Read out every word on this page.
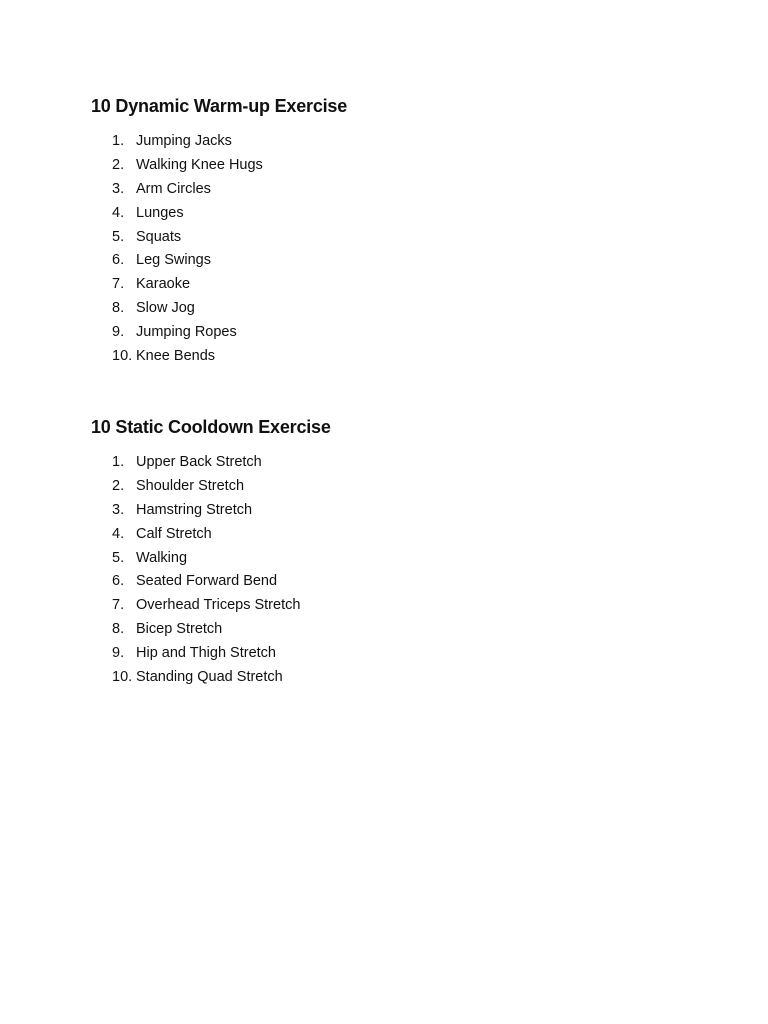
10 Dynamic Warm-up Exercise
1. Jumping Jacks
2. Walking Knee Hugs
3. Arm Circles
4. Lunges
5. Squats
6. Leg Swings
7. Karaoke
8. Slow Jog
9. Jumping Ropes
10. Knee Bends
10 Static Cooldown Exercise
1. Upper Back Stretch
2. Shoulder Stretch
3. Hamstring Stretch
4. Calf Stretch
5. Walking
6. Seated Forward Bend
7. Overhead Triceps Stretch
8. Bicep Stretch
9. Hip and Thigh Stretch
10. Standing Quad Stretch
